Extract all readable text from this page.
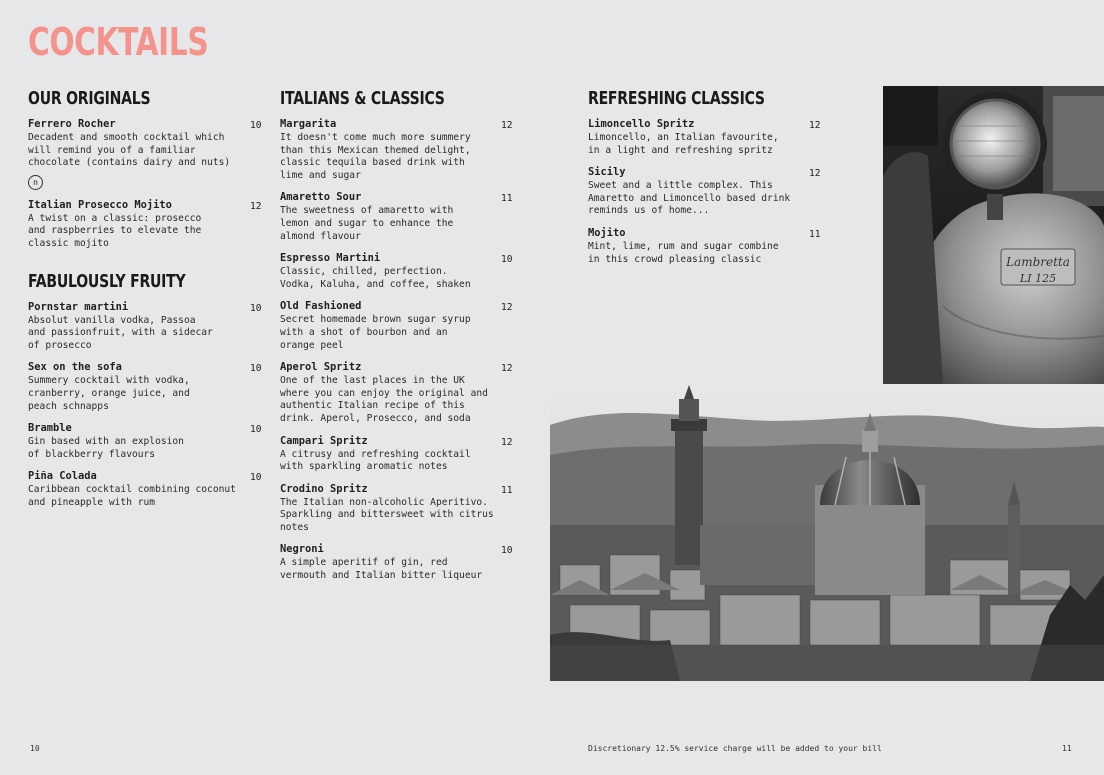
COCKTAILS
OUR ORIGINALS

Ferrero Rocher	10

Decadent and smooth cocktail which
will remind you of a familiar
chocolate (contains dairy and nuts)

n

Italian Prosecco Mojito	12

A twist on a classic: prosecco
and raspberries to elevate the
classic mojito

FABULOUSLY FRUITY

Pornstar martini	10

Absolut vanilla vodka, Passoa
and passionfruit, with a sidecar
of prosecco

Sex on the sofa	10

Summery cocktail with vodka,
cranberry, orange juice, and
peach schnapps

Bramble	10

Gin based with an explosion
of blackberry flavours

Piña Colada	10

Caribbean cocktail combining coconut
and pineapple with rum

ITALIANS & CLASSICS

Margarita	12

It doesn't come much more summery
than this Mexican themed delight,
classic tequila based drink with
lime and sugar

Amaretto Sour	11

The sweetness of amaretto with
lemon and sugar to enhance the
almond flavour

Espresso Martini	10

Classic, chilled, perfection.
Vodka, Kaluha, and coffee, shaken

Old Fashioned	12

Secret homemade brown sugar syrup
with a shot of bourbon and an
orange peel

Aperol Spritz	12

One of the last places in the UK
where you can enjoy the original and
authentic Italian recipe of this
drink. Aperol, Prosecco, and soda

Campari Spritz	12

A citrusy and refreshing cocktail
with sparkling aromatic notes

Crodino Spritz	11

The Italian non-alcoholic Aperitivo.
Sparkling and bittersweet with citrus
notes

Negroni	10

A simple aperitif of gin, red
vermouth and Italian bitter liqueur

REFRESHING CLASSICS

Limoncello Spritz	12

Limoncello, an Italian favourite,
in a light and refreshing spritz

Sicily	12

Sweet and a little complex. This
Amaretto and Limoncello based drink
reminds us of home...

Mojito	11

Mint, lime, rum and sugar combine
in this crowd pleasing classic	Lambretta
LI 125
10	Discretionary 12.5% service charge will be added to your bill	11
